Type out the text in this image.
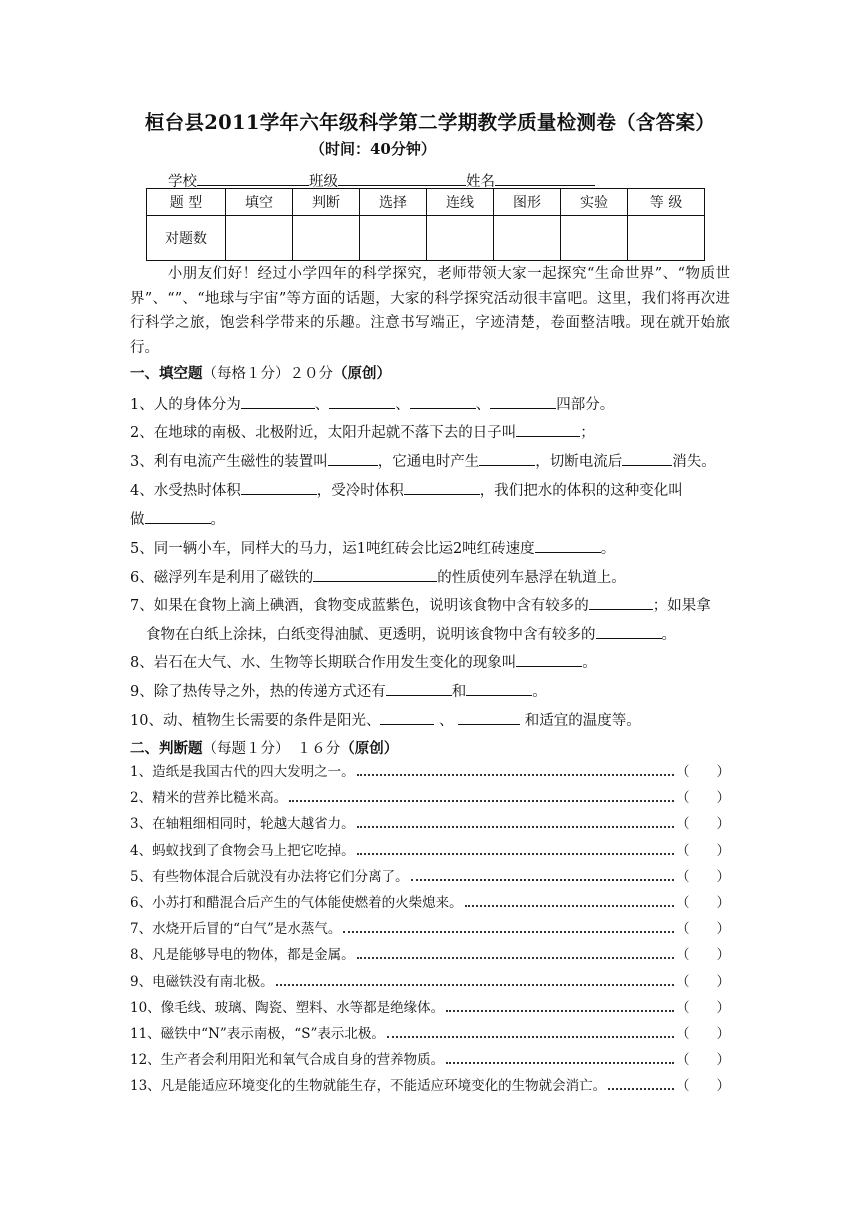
桓台县2011学年六年级科学第二学期教学质量检测卷（含答案）
（时间：40分钟）
学校	班级	姓名
题 型	填空	判断	选择	连线	图形	实验	等 级
对题数							
小朋友们好！经过小学四年的科学探究，老师带领大家一起探究“生命世界”、“物质世界”、“”、“地球与宇宙”等方面的话题，大家的科学探究活动很丰富吧。这里，我们将再次进行科学之旅，饱尝科学带来的乐趣。注意书写端正，字迹清楚，卷面整洁哦。现在就开始旅行。
一、填空题（每格１分）２０分（原创）
1、人的身体分为	、	、	、	四部分。
2、在地球的南极、北极附近，太阳升起就不落下去的日子叫	；
3、利有电流产生磁性的装置叫	，它通电时产生	，切断电流后	消失。
4、水受热时体积	，受冷时体积	，我们把水的体积的这种变化叫
做	。
5、同一辆小车，同样大的马力，运1吨红砖会比运2吨红砖速度	。
6、磁浮列车是利用了磁铁的	的性质使列车悬浮在轨道上。
7、如果在食物上滴上碘酒，食物变成蓝紫色，说明该食物中含有较多的	；如果拿
食物在白纸上涂抹，白纸变得油腻、更透明，说明该食物中含有较多的	。
8、岩石在大气、水、生物等长期联合作用发生变化的现象叫	。
9、除了热传导之外，热的传递方式还有	和	。
10、动、植物生长需要的条件是阳光、	、	和适宜的温度等。
二、判断题（每题１分）　１６分（原创）
1、造纸是我国古代的四大发明之一。	（　　）
2、精米的营养比糙米高。	（　　）
3、在轴粗细相同时，轮越大越省力。	（　　）
4、蚂蚁找到了食物会马上把它吃掉。	（　　）
5、有些物体混合后就没有办法将它们分离了。	（　　）
6、小苏打和醋混合后产生的气体能使燃着的火柴熄来。	（　　）
7、水烧开后冒的“白气”是水蒸气。	（　　）
8、凡是能够导电的物体，都是金属。	（　　）
9、电磁铁没有南北极。	（　　）
10、像毛线、玻璃、陶瓷、塑料、水等都是绝缘体。	（　　）
11、磁铁中“N”表示南极，“S”表示北极。	（　　）
12、生产者会利用阳光和氧气合成自身的营养物质。	（　　）
13、凡是能适应环境变化的生物就能生存，不能适应环境变化的生物就会消亡。	（　　）
